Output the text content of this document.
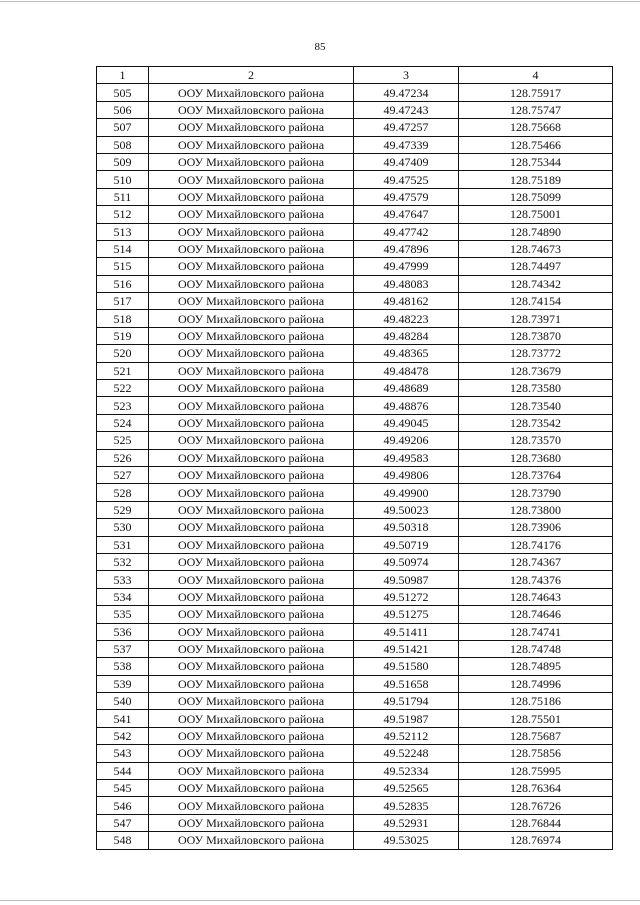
85
1	2	3	4
505	ООУ Михайловского района	49.47234	128.75917
506	ООУ Михайловского района	49.47243	128.75747
507	ООУ Михайловского района	49.47257	128.75668
508	ООУ Михайловского района	49.47339	128.75466
509	ООУ Михайловского района	49.47409	128.75344
510	ООУ Михайловского района	49.47525	128.75189
511	ООУ Михайловского района	49.47579	128.75099
512	ООУ Михайловского района	49.47647	128.75001
513	ООУ Михайловского района	49.47742	128.74890
514	ООУ Михайловского района	49.47896	128.74673
515	ООУ Михайловского района	49.47999	128.74497
516	ООУ Михайловского района	49.48083	128.74342
517	ООУ Михайловского района	49.48162	128.74154
518	ООУ Михайловского района	49.48223	128.73971
519	ООУ Михайловского района	49.48284	128.73870
520	ООУ Михайловского района	49.48365	128.73772
521	ООУ Михайловского района	49.48478	128.73679
522	ООУ Михайловского района	49.48689	128.73580
523	ООУ Михайловского района	49.48876	128.73540
524	ООУ Михайловского района	49.49045	128.73542
525	ООУ Михайловского района	49.49206	128.73570
526	ООУ Михайловского района	49.49583	128.73680
527	ООУ Михайловского района	49.49806	128.73764
528	ООУ Михайловского района	49.49900	128.73790
529	ООУ Михайловского района	49.50023	128.73800
530	ООУ Михайловского района	49.50318	128.73906
531	ООУ Михайловского района	49.50719	128.74176
532	ООУ Михайловского района	49.50974	128.74367
533	ООУ Михайловского района	49.50987	128.74376
534	ООУ Михайловского района	49.51272	128.74643
535	ООУ Михайловского района	49.51275	128.74646
536	ООУ Михайловского района	49.51411	128.74741
537	ООУ Михайловского района	49.51421	128.74748
538	ООУ Михайловского района	49.51580	128.74895
539	ООУ Михайловского района	49.51658	128.74996
540	ООУ Михайловского района	49.51794	128.75186
541	ООУ Михайловского района	49.51987	128.75501
542	ООУ Михайловского района	49.52112	128.75687
543	ООУ Михайловского района	49.52248	128.75856
544	ООУ Михайловского района	49.52334	128.75995
545	ООУ Михайловского района	49.52565	128.76364
546	ООУ Михайловского района	49.52835	128.76726
547	ООУ Михайловского района	49.52931	128.76844
548	ООУ Михайловского района	49.53025	128.76974
